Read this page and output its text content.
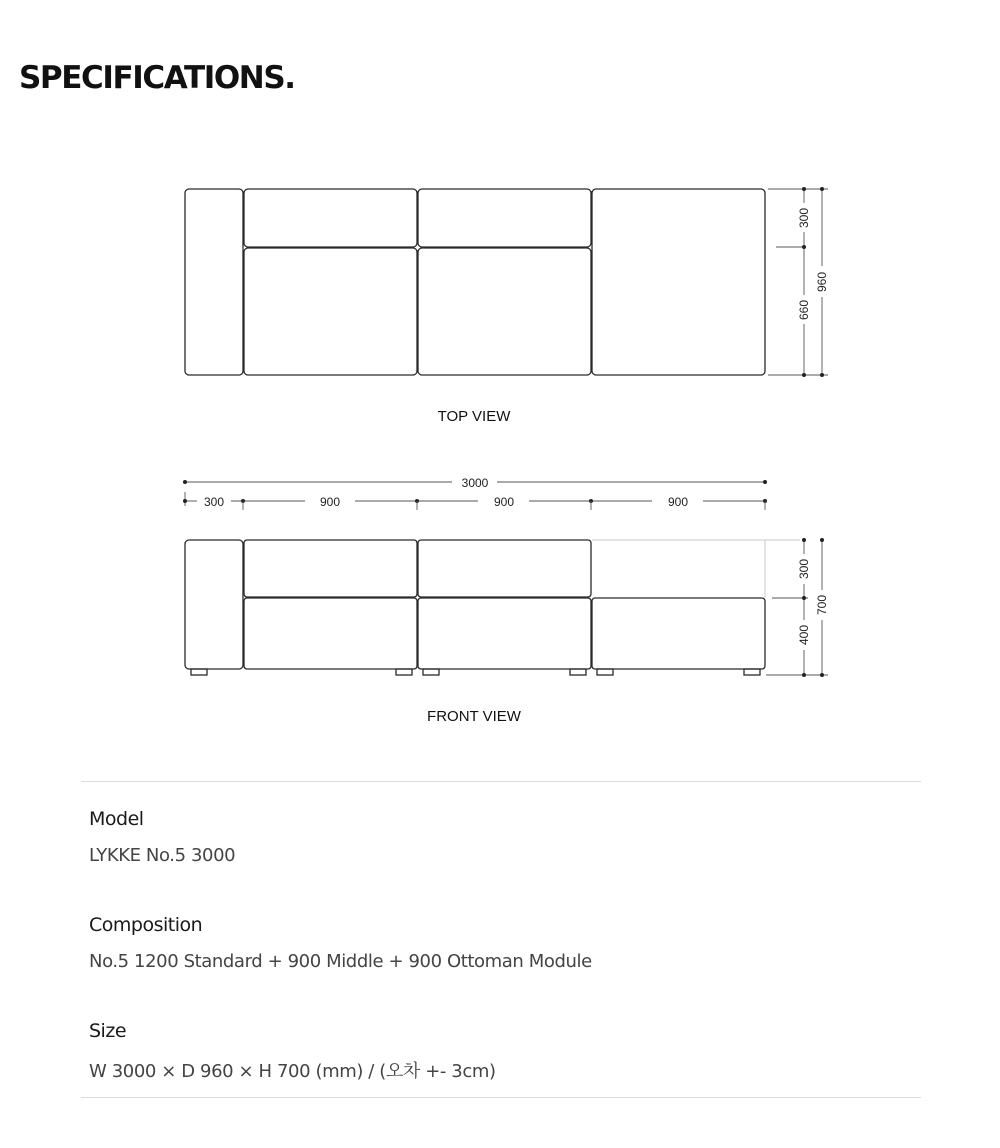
SPECIFICATIONS.
300
660
960
TOP VIEW
3000
300	900	900	900
300
400
700
FRONT VIEW
Model
LYKKE No.5 3000
Composition
No.5 1200 Standard + 900 Middle + 900 Ottoman Module
Size
W 3000 × D 960 × H 700 (mm) / (오차 +- 3cm)
